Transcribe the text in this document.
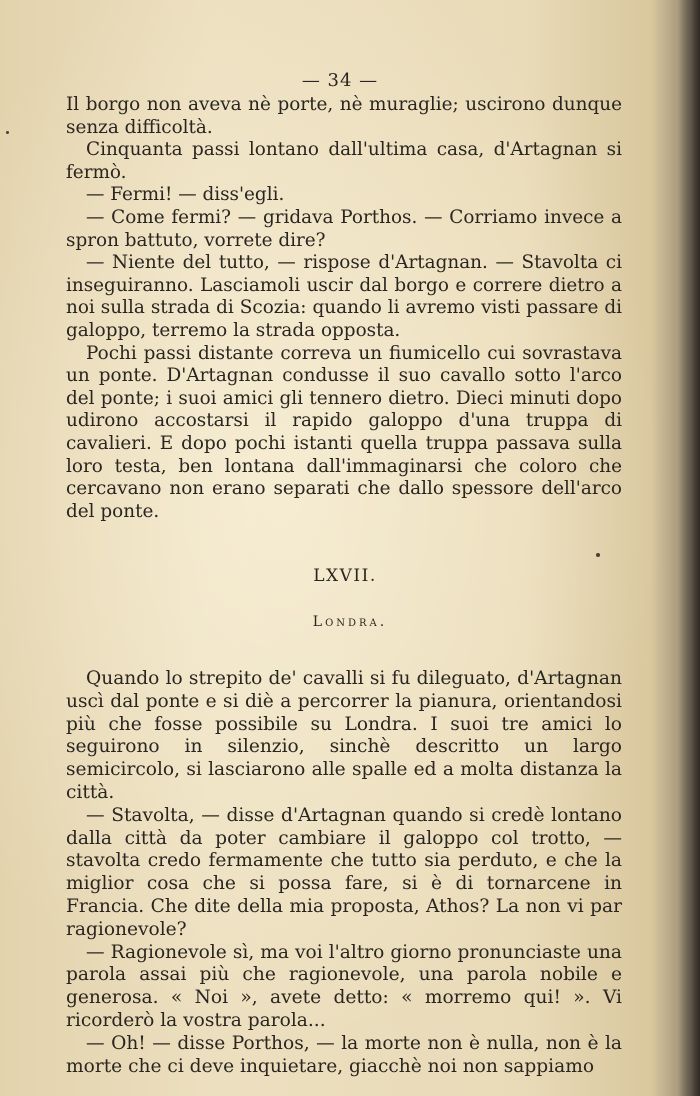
— 34 —

Il borgo non aveva nè porte, nè muraglie; uscirono dunque senza difficoltà.

Cinquanta passi lontano dall'ultima casa, d'Artagnan si fermò.

— Fermi! — diss'egli.

— Come fermi? — gridava Porthos. — Corriamo invece a spron battuto, vorrete dire?

— Niente del tutto, — rispose d'Artagnan. — Stavolta ci inseguiranno. Lasciamoli uscir dal borgo e correre dietro a noi sulla strada di Scozia: quando li avremo visti passare di galoppo, terremo la strada opposta.

Pochi passi distante correva un fiumicello cui sovrastava un ponte. D'Artagnan condusse il suo cavallo sotto l'arco del ponte; i suoi amici gli tennero dietro. Dieci minuti dopo udirono accostarsi il rapido galoppo d'una truppa di cavalieri. E dopo pochi istanti quella truppa passava sulla loro testa, ben lontana dall'immaginarsi che coloro che cercavano non erano separati che dallo spessore dell'arco del ponte.

LXVII.
Londra.

Quando lo strepito de' cavalli si fu dileguato, d'Artagnan uscì dal ponte e si diè a percorrer la pianura, orientandosi più che fosse possibile su Londra. I suoi tre amici lo seguirono in silenzio, sinchè descritto un largo semicircolo, si lasciarono alle spalle ed a molta distanza la città.

— Stavolta, — disse d'Artagnan quando si credè lontano dalla città da poter cambiare il galoppo col trotto, — stavolta credo fermamente che tutto sia perduto, e che la miglior cosa che si possa fare, si è di tornarcene in Francia. Che dite della mia proposta, Athos? La non vi par ragionevole?

— Ragionevole sì, ma voi l'altro giorno pronunciaste una parola assai più che ragionevole, una parola nobile e generosa. « Noi », avete detto: « morremo qui! ». Vi ricorderò la vostra parola...

— Oh! — disse Porthos, — la morte non è nulla, non è la morte che ci deve inquietare, giacchè noi non sappiamo
